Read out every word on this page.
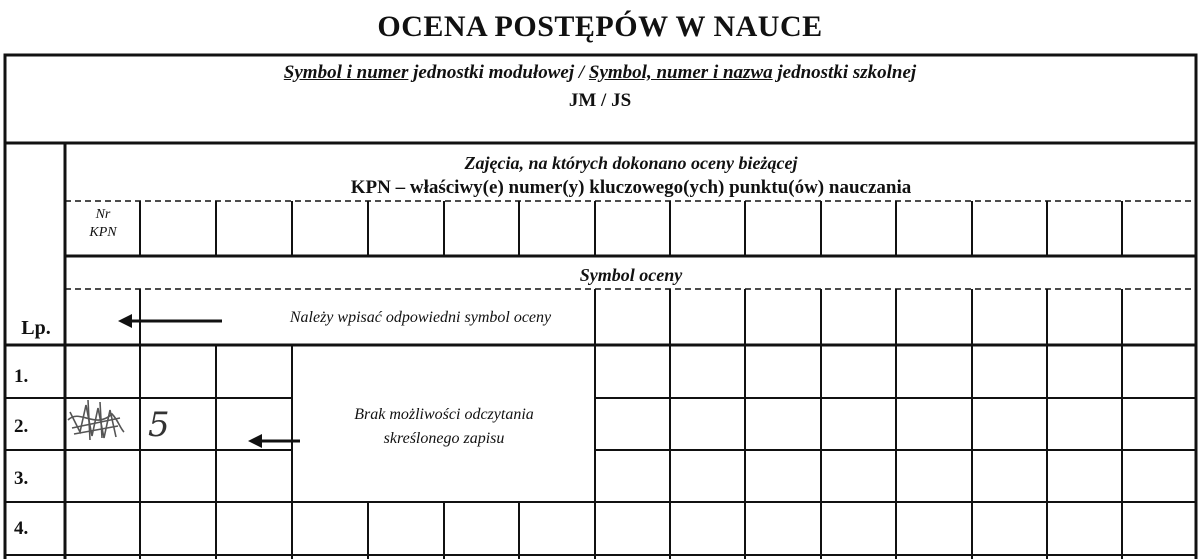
OCENA POSTĘPÓW W NAUCE
Symbol i numer jednostki modułowej / Symbol, numer i nazwa jednostki szkolnej
JM / JS
Zajęcia, na których dokonano oceny bieżącej
KPN – właściwy(e) numer(y) kluczowego(ych) punktu(ów) nauczania
Nr
KPN
Symbol oceny
Należy wpisać odpowiedni symbol oceny
Lp.
1.
2.
3.
4.
Brak możliwości odczytania
skreślonego zapisu
5
